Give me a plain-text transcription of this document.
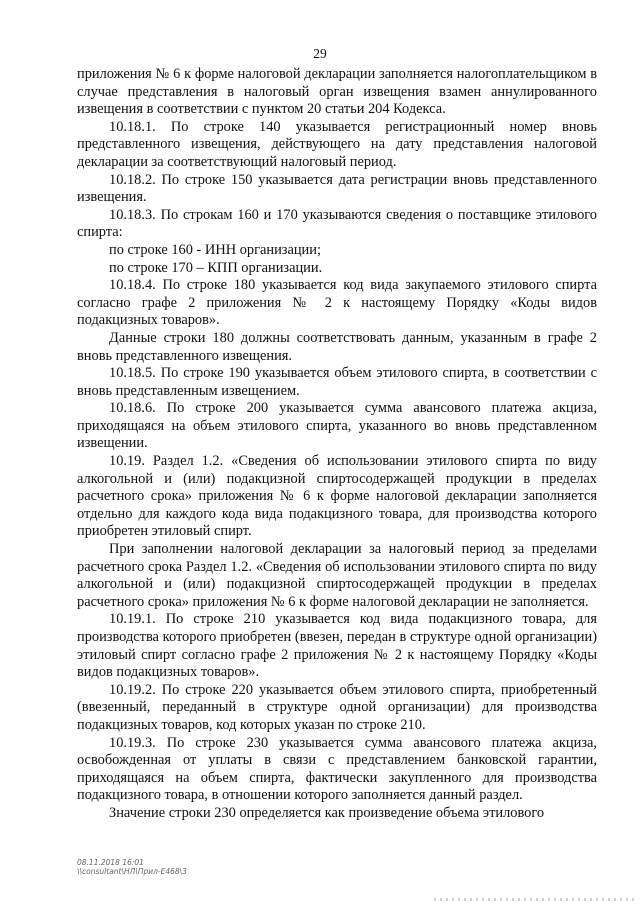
29

приложения № 6 к форме налоговой декларации заполняется налогоплательщиком в случае представления в налоговый орган извещения взамен аннулированного извещения в соответствии с пунктом 20 статьи 204 Кодекса.

10.18.1. По строке 140 указывается регистрационный номер вновь представленного извещения, действующего на дату представления налоговой декларации за соответствующий налоговый период.

10.18.2. По строке 150 указывается дата регистрации вновь представленного извещения.

10.18.3. По строкам 160 и 170 указываются сведения о поставщике этилового спирта:

по строке 160 - ИНН организации;

по строке 170 – КПП организации.

10.18.4. По строке 180 указывается код вида закупаемого этилового спирта согласно графе 2 приложения № 2 к настоящему Порядку «Коды видов подакцизных товаров».

Данные строки 180 должны соответствовать данным, указанным в графе 2 вновь представленного извещения.

10.18.5. По строке 190 указывается объем этилового спирта, в соответствии с вновь представленным извещением.

10.18.6. По строке 200 указывается сумма авансового платежа акциза, приходящаяся на объем этилового спирта, указанного во вновь представленном извещении.

10.19. Раздел 1.2. «Сведения об использовании этилового спирта по виду алкогольной и (или) подакцизной спиртосодержащей продукции в пределах расчетного срока» приложения № 6 к форме налоговой декларации заполняется отдельно для каждого кода вида подакцизного товара, для производства которого приобретен этиловый спирт.

При заполнении налоговой декларации за налоговый период за пределами расчетного срока Раздел 1.2. «Сведения об использовании этилового спирта по виду алкогольной и (или) подакцизной спиртосодержащей продукции в пределах расчетного срока» приложения № 6 к форме налоговой декларации не заполняется.

10.19.1. По строке 210 указывается код вида подакцизного товара, для производства которого приобретен (ввезен, передан в структуре одной организации) этиловый спирт согласно графе 2 приложения № 2 к настоящему Порядку «Коды видов подакцизных товаров».

10.19.2. По строке 220 указывается объем этилового спирта, приобретенный (ввезенный, переданный в структуре одной организации) для производства подакцизных товаров, код которых указан по строке 210.

10.19.3. По строке 230 указывается сумма авансового платежа акциза, освобожденная от уплаты в связи с представлением банковской гарантии, приходящаяся на объем спирта, фактически закупленного для производства подакцизного товара, в отношении которого заполняется данный раздел.

Значение строки 230 определяется как произведение объема этилового

08.11.2018 16:01
\\consultant\НЛ\Прил-Е468\3
